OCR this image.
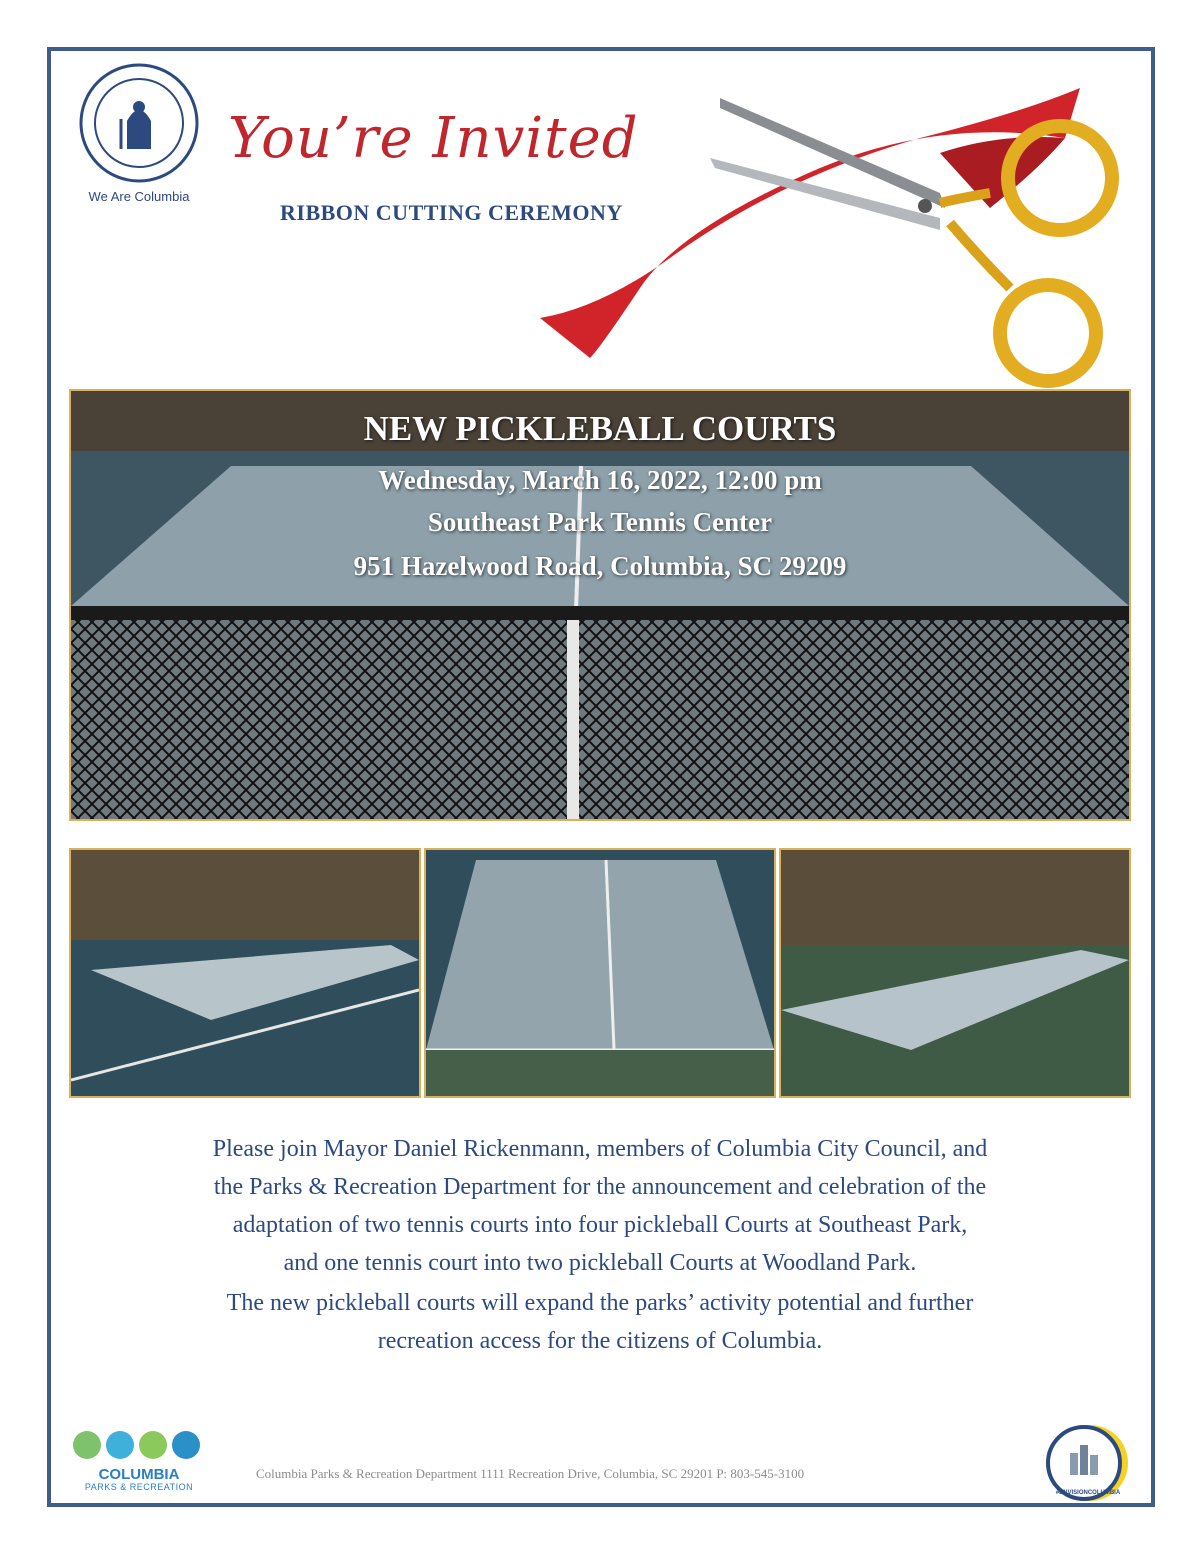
We Are Columbia
You’re Invited
RIBBON CUTTING CEREMONY
NEW PICKLEBALL COURTS
Wednesday, March 16, 2022, 12:00 pm
Southeast Park Tennis Center
951 Hazelwood Road, Columbia, SC 29209
Please join Mayor Daniel Rickenmann, members of Columbia City Council, and
the Parks & Recreation Department for the announcement and celebration of the
adaptation of two tennis courts into four pickleball Courts at Southeast Park,
and one tennis court into two pickleball Courts at Woodland Park.
The new pickleball courts will expand the parks’ activity potential and further
recreation access for the citizens of Columbia.
COLUMBIA
PARKS & RECREATION
Columbia Parks & Recreation Department 1111 Recreation Drive, Columbia, SC 29201 P: 803-545-3100
#ENVISIONCOLUMBIA
